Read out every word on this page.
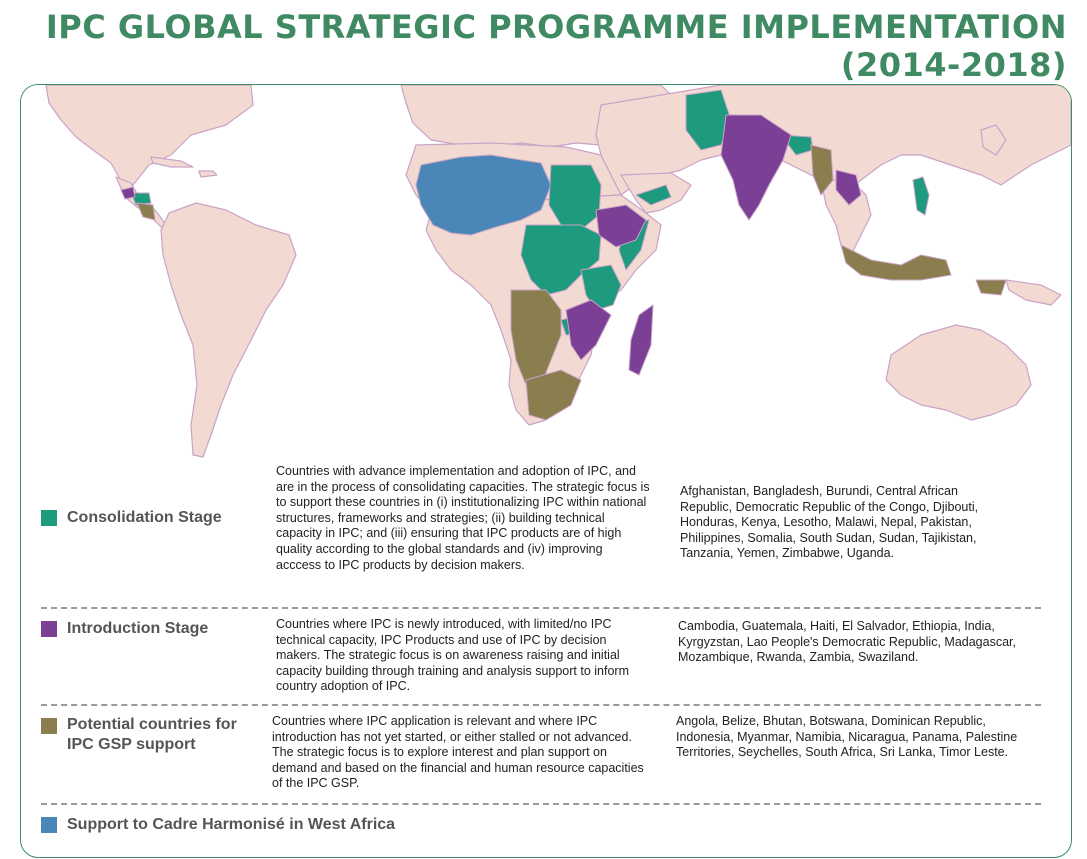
IPC GLOBAL STRATEGIC PROGRAMME IMPLEMENTATION
(2014-2018)
Consolidation Stage
Countries with advance implementation and adoption of IPC, and are in the process of consolidating capacities. The strategic focus is to support these countries in (i) institutionalizing IPC within national structures, frameworks and strategies; (ii) building technical capacity in IPC; and (iii) ensuring that IPC products are of high quality according to the global standards and (iv) improving acccess to IPC products by decision makers.
Afghanistan, Bangladesh, Burundi, Central African Republic, Democratic Republic of the Congo, Djibouti, Honduras, Kenya, Lesotho, Malawi, Nepal, Pakistan, Philippines, Somalia, South Sudan, Sudan, Tajikistan, Tanzania, Yemen, Zimbabwe, Uganda.
Introduction Stage	Countries where IPC is newly introduced, with limited/no IPC technical capacity, IPC Products and use of IPC by decision makers. The strategic focus is on awareness raising and initial capacity building through training and analysis support to inform country adoption of IPC.
Cambodia, Guatemala, Haiti, El Salvador, Ethiopia, India, Kyrgyzstan, Lao People's Democratic Republic, Madagascar, Mozambique, Rwanda, Zambia, Swaziland.
Potential countries for IPC GSP support
Countries where IPC application is relevant and where IPC introduction has not yet started, or either stalled or not advanced. The strategic focus is to explore interest and plan support on demand and based on the financial and human resource capacities of the IPC GSP.
Angola, Belize, Bhutan, Botswana, Dominican Republic, Indonesia, Myanmar, Namibia, Nicaragua, Panama, Palestine Territories, Seychelles, South Africa, Sri Lanka, Timor Leste.
Support to Cadre Harmonisé in West Africa
